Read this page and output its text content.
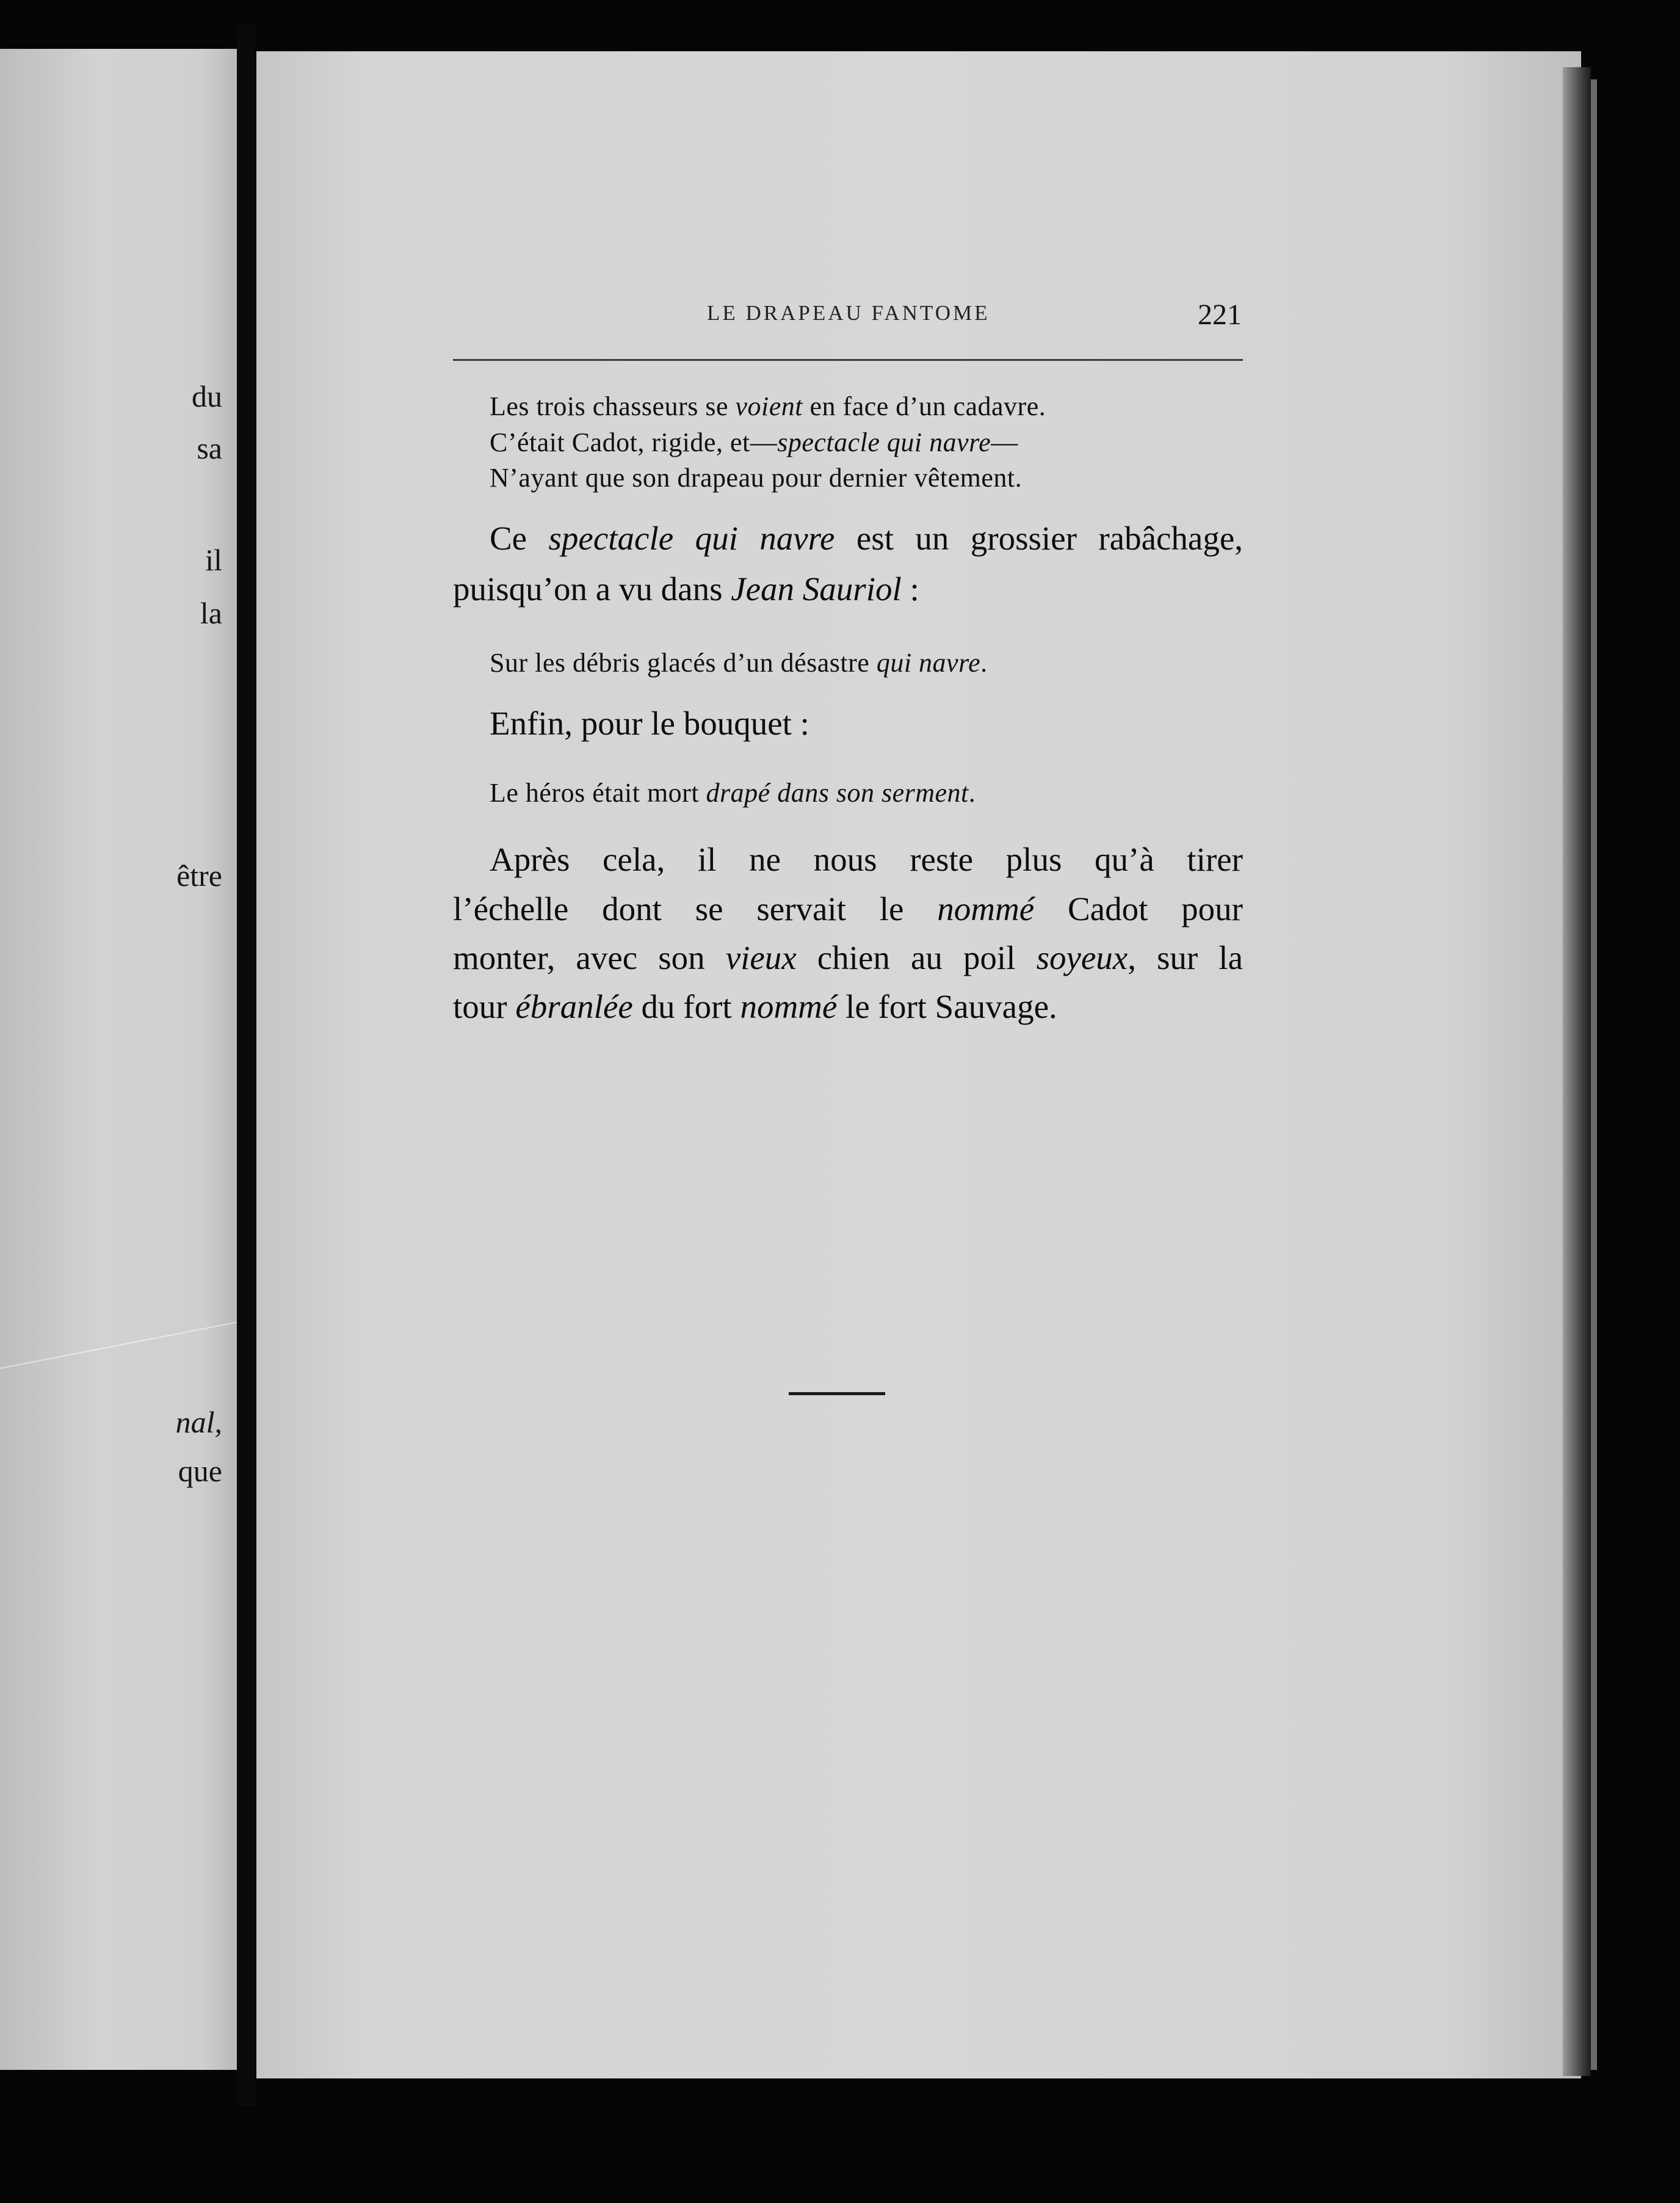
du
sa
il
la
être
nal,
que
LE DRAPEAU FANTOME	221
Les trois chasseurs se voient en face d’un cadavre.
C’était Cadot, rigide, et—spectacle qui navre—
N’ayant que son drapeau pour dernier vêtement.
Ce spectacle qui navre est un grossier rabâchage,
puisqu’on a vu dans Jean Sauriol :
Sur les débris glacés d’un désastre qui navre.
Enfin, pour le bouquet :
Le héros était mort drapé dans son serment.
Après cela, il ne nous reste plus qu’à tirer
l’échelle dont se servait le nommé Cadot pour
monter, avec son vieux chien au poil soyeux, sur la
tour ébranlée du fort nommé le fort Sauvage.
